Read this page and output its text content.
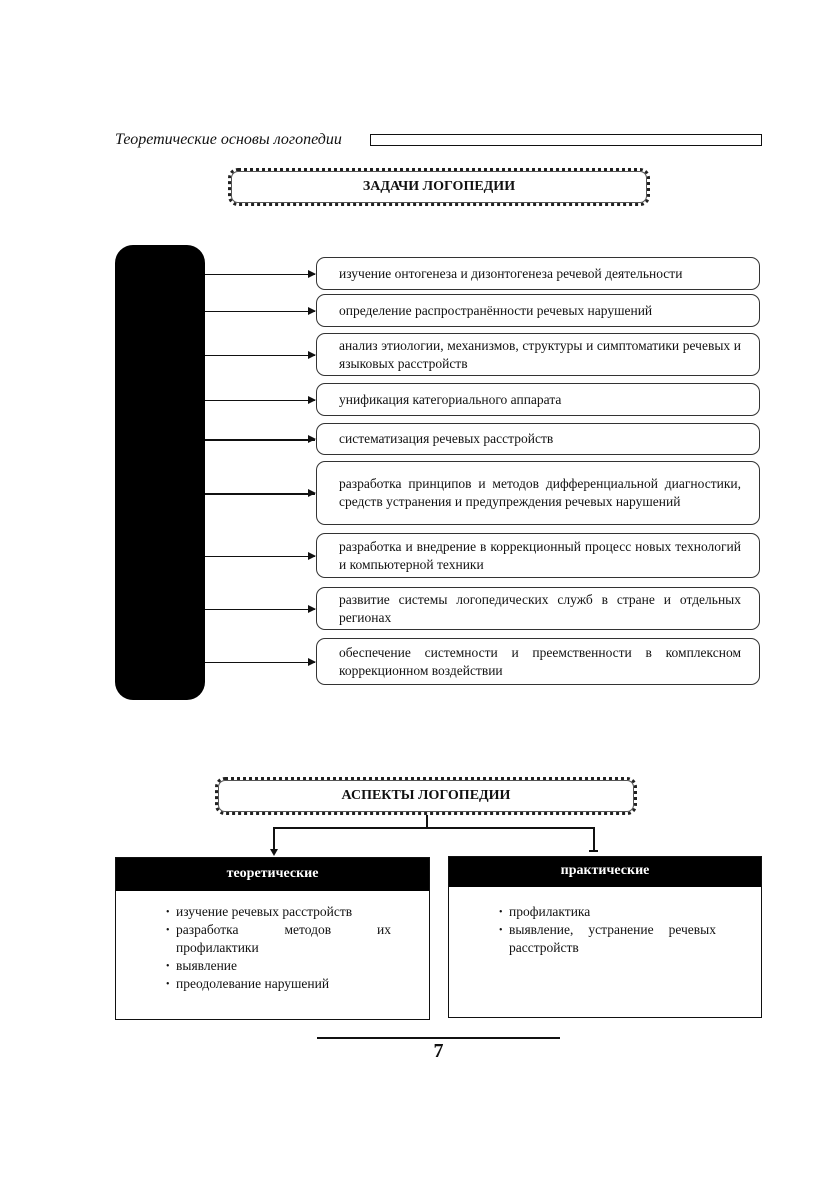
Теоретические основы логопедии
ЗАДАЧИ ЛОГОПЕДИИ
З
А
Д
А
Ч
И
Л
О
Г
О
П
Е
Д
И
И
изучение онтогенеза и дизонтогенеза речевой деятельности
определение распространённости речевых нарушений
анализ этиологии, механизмов, структуры и симптоматики речевых и языковых расстройств
унификация категориального аппарата
систематизация речевых расстройств
разработка принципов и методов дифференциальной диагностики, средств устранения и предупреждения речевых нарушений
разработка и внедрение в коррекционный процесс новых технологий и компьютерной техники
развитие системы логопедических служб в стране и отдельных регионах
обеспечение системности и преемственности в комплексном коррекционном воздействии
АСПЕКТЫ ЛОГОПЕДИИ
теоретические
• изучение речевых расстройств
• разработка методов их профилактики
• выявление
• преодолевание нарушений
практические
• профилактика
• выявление, устранение речевых расстройств
7
